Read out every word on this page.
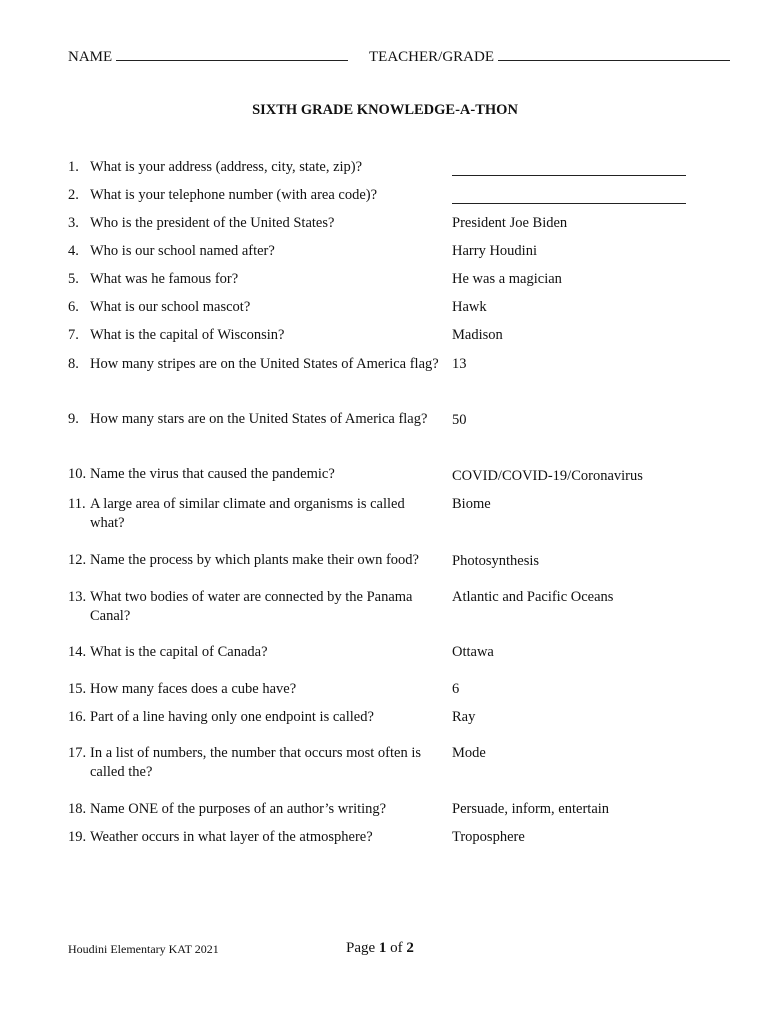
NAME	TEACHER/GRADE
SIXTH GRADE KNOWLEDGE-A-THON
1. What is your address (address, city, state, zip)?
2. What is your telephone number (with area code)?
3. Who is the president of the United States?	President Joe Biden
4. Who is our school named after?	Harry Houdini
5. What was he famous for?	He was a magician
6. What is our school mascot?	Hawk
7. What is the capital of Wisconsin?	Madison
8. How many stripes are on the United States of America flag? 13
9. How many stars are on the United States of America flag?	50
10. Name the virus that caused the pandemic?	COVID/COVID-19/Coronavirus
11. A large area of similar climate and organisms is called what?
Biome
12. Name the process by which plants make their own food?	Photosynthesis
13. What two bodies of water are connected by the Panama Canal?
Atlantic and Pacific Oceans
14. What is the capital of Canada?	Ottawa
15. How many faces does a cube have?	6
16. Part of a line having only one endpoint is called?	Ray
17. In a list of numbers, the number that occurs most often is called the?
Mode
18. Name ONE of the purposes of an author’s writing?	Persuade, inform, entertain
19. Weather occurs in what layer of the atmosphere?	Troposphere
Houdini Elementary KAT 2021	Page 1 of 2
